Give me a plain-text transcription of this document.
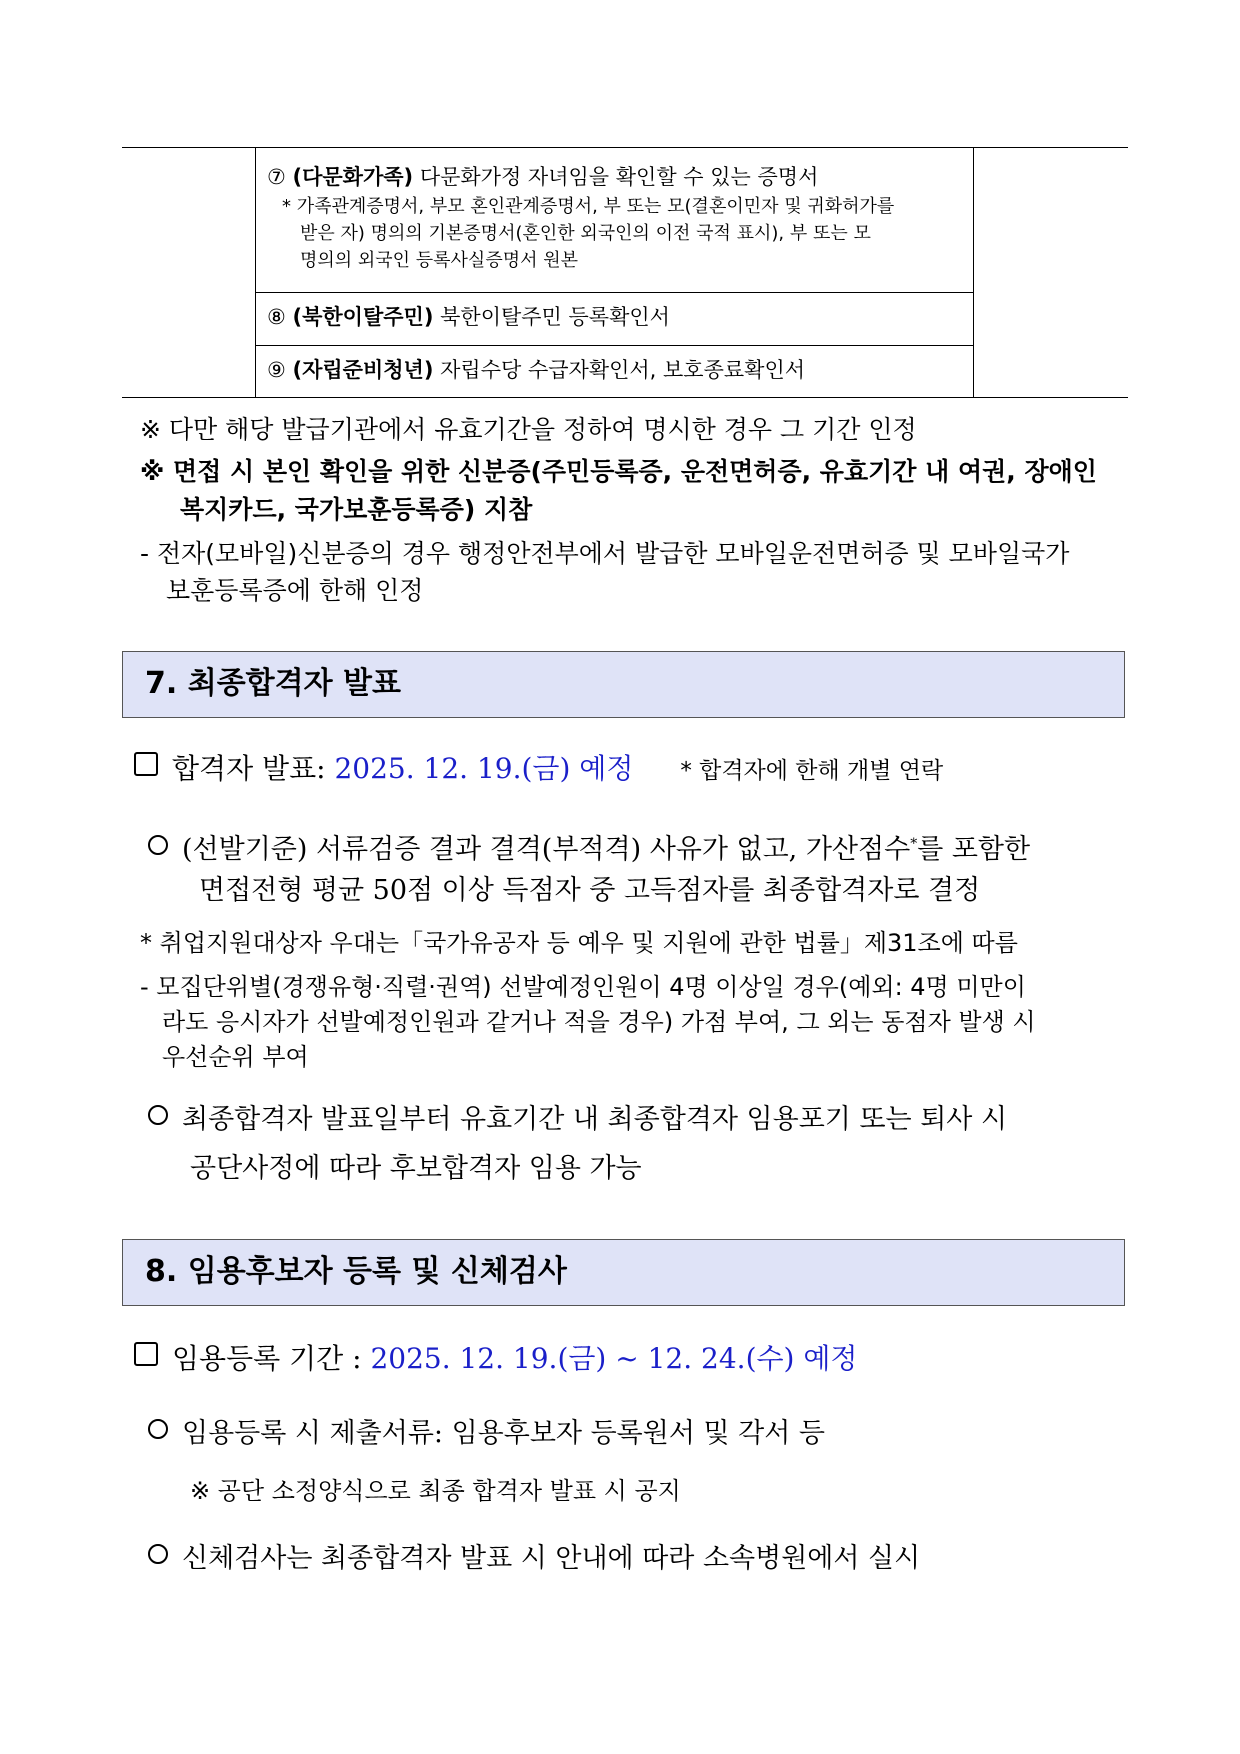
⑦ (다문화가족) 다문화가정 자녀임을 확인할 수 있는 증명서
* 가족관계증명서, 부모 혼인관계증명서, 부 또는 모(결혼이민자 및 귀화허가를
받은 자) 명의의 기본증명서(혼인한 외국인의 이전 국적 표시), 부 또는 모
명의의 외국인 등록사실증명서 원본
⑧ (북한이탈주민) 북한이탈주민 등록확인서
⑨ (자립준비청년) 자립수당 수급자확인서, 보호종료확인서
※ 다만 해당 발급기관에서 유효기간을 정하여 명시한 경우 그 기간 인정
※ 면접 시 본인 확인을 위한 신분증(주민등록증, 운전면허증, 유효기간 내 여권, 장애인
복지카드, 국가보훈등록증) 지참
- 전자(모바일)신분증의 경우 행정안전부에서 발급한 모바일운전면허증 및 모바일국가
보훈등록증에 한해 인정
7. 최종합격자 발표
합격자 발표: 2025. 12. 19.(금) 예정 * 합격자에 한해 개별 연락
(선발기준) 서류검증 결과 결격(부적격) 사유가 없고, 가산점수*를 포함한
면접전형 평균 50점 이상 득점자 중 고득점자를 최종합격자로 결정
* 취업지원대상자 우대는「국가유공자 등 예우 및 지원에 관한 법률」제31조에 따름
- 모집단위별(경쟁유형·직렬·권역) 선발예정인원이 4명 이상일 경우(예외: 4명 미만이
라도 응시자가 선발예정인원과 같거나 적을 경우) 가점 부여, 그 외는 동점자 발생 시
우선순위 부여
최종합격자 발표일부터 유효기간 내 최종합격자 임용포기 또는 퇴사 시
공단사정에 따라 후보합격자 임용 가능
8. 임용후보자 등록 및 신체검사
임용등록 기간 : 2025. 12. 19.(금) ~ 12. 24.(수) 예정
임용등록 시 제출서류: 임용후보자 등록원서 및 각서 등
※ 공단 소정양식으로 최종 합격자 발표 시 공지
신체검사는 최종합격자 발표 시 안내에 따라 소속병원에서 실시
